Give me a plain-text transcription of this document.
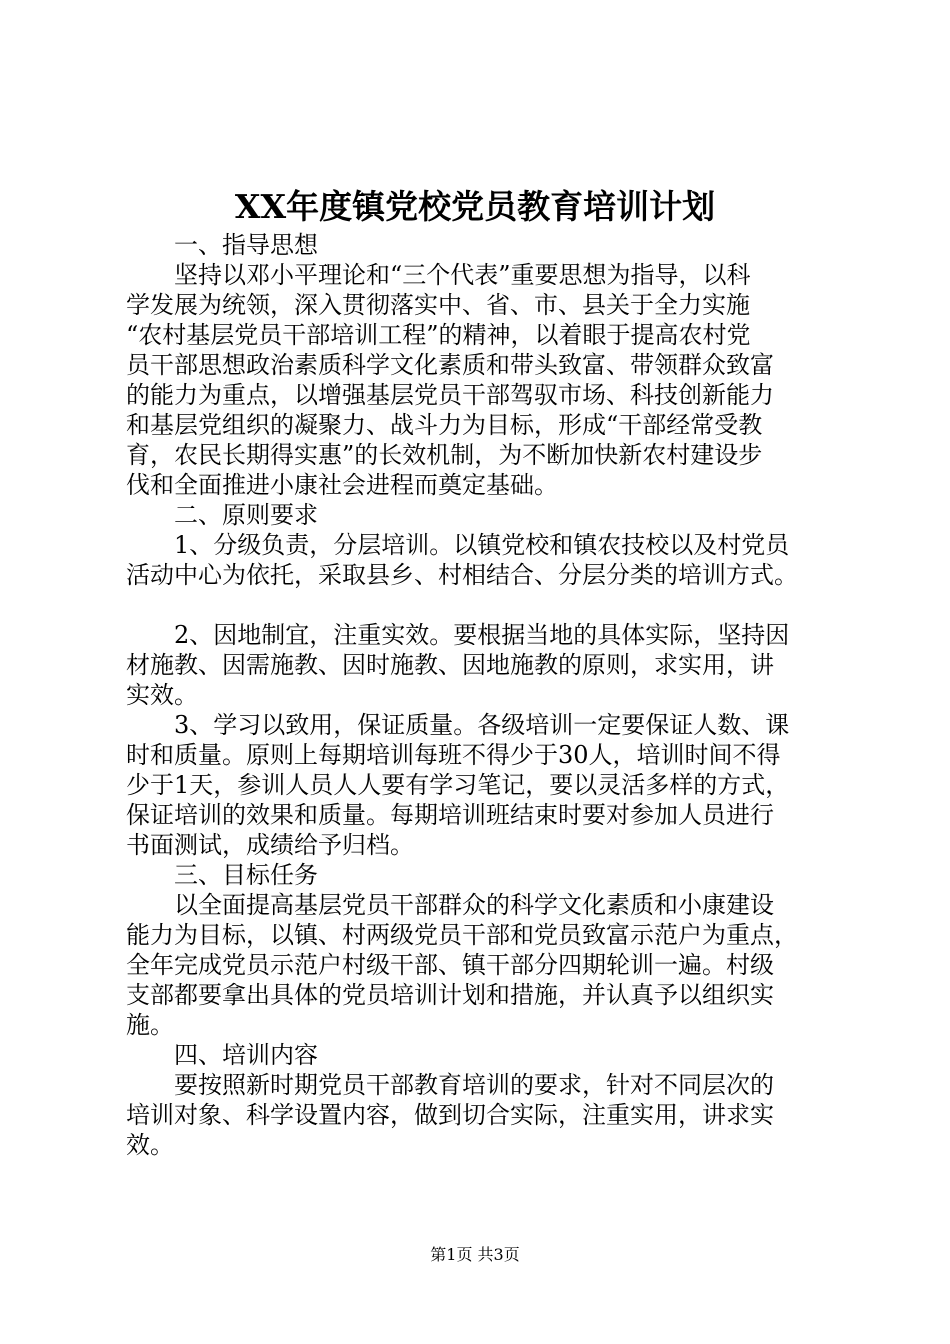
XX年度镇党校党员教育培训计划
　　一、指导思想
　　坚持以邓小平理论和“三个代表”重要思想为指导，以科
学发展为统领，深入贯彻落实中、省、市、县关于全力实施
“农村基层党员干部培训工程”的精神，以着眼于提高农村党
员干部思想政治素质科学文化素质和带头致富、带领群众致富
的能力为重点，以增强基层党员干部驾驭市场、科技创新能力
和基层党组织的凝聚力、战斗力为目标，形成“干部经常受教
育，农民长期得实惠”的长效机制，为不断加快新农村建设步
伐和全面推进小康社会进程而奠定基础。
　　二、原则要求
　　1、分级负责，分层培训。以镇党校和镇农技校以及村党员
活动中心为依托，采取县乡、村相结合、分层分类的培训方式。
　　2、因地制宜，注重实效。要根据当地的具体实际，坚持因
材施教、因需施教、因时施教、因地施教的原则，求实用，讲
实效。
　　3、学习以致用，保证质量。各级培训一定要保证人数、课
时和质量。原则上每期培训每班不得少于30人，培训时间不得
少于1天，参训人员人人要有学习笔记，要以灵活多样的方式，
保证培训的效果和质量。每期培训班结束时要对参加人员进行
书面测试，成绩给予归档。
　　三、目标任务
　　以全面提高基层党员干部群众的科学文化素质和小康建设
能力为目标，以镇、村两级党员干部和党员致富示范户为重点，
全年完成党员示范户村级干部、镇干部分四期轮训一遍。村级
支部都要拿出具体的党员培训计划和措施，并认真予以组织实
施。
　　四、培训内容
　　要按照新时期党员干部教育培训的要求，针对不同层次的
培训对象、科学设置内容，做到切合实际，注重实用，讲求实
效。
第1页 共3页
